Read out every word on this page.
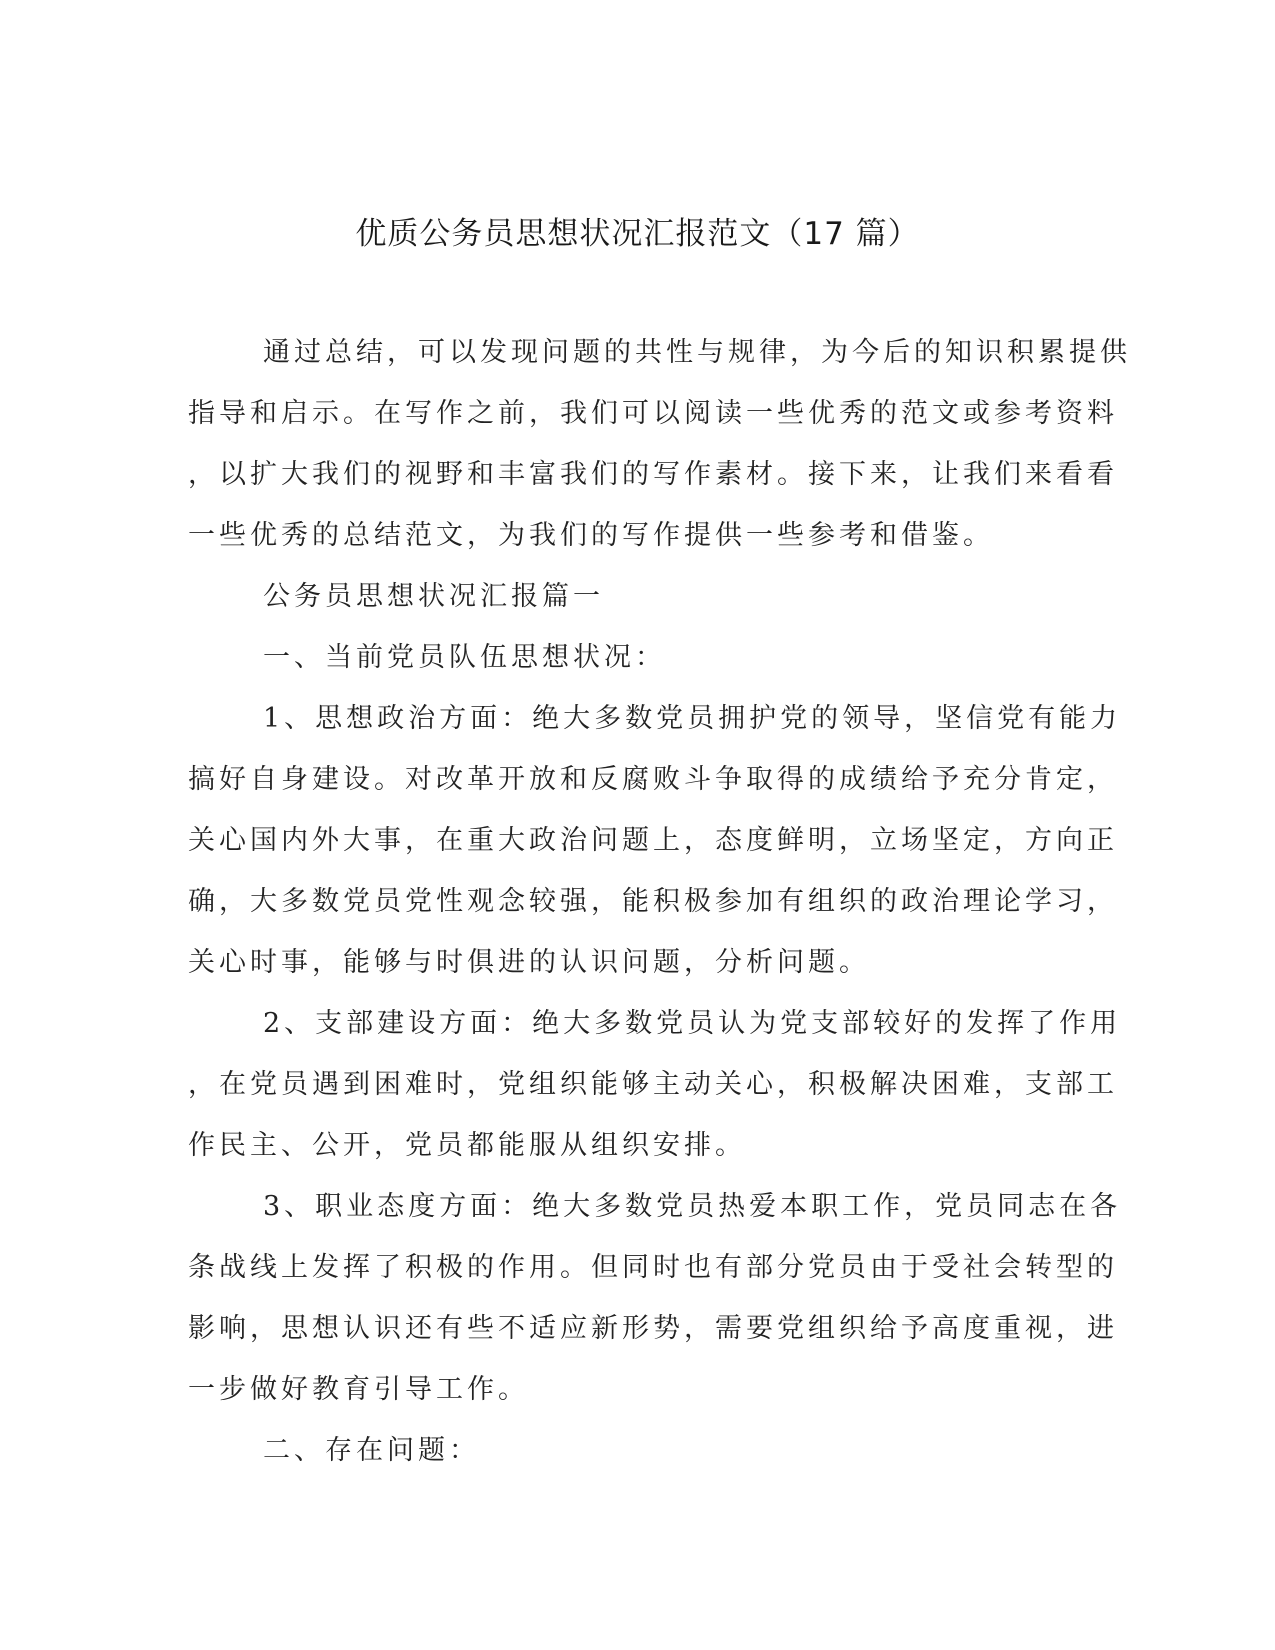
优质公务员思想状况汇报范文（17 篇）

通过总结，可以发现问题的共性与规律，为今后的知识积累提供

指导和启示。在写作之前，我们可以阅读一些优秀的范文或参考资料

，以扩大我们的视野和丰富我们的写作素材。接下来，让我们来看看

一些优秀的总结范文，为我们的写作提供一些参考和借鉴。

公务员思想状况汇报篇一

一、当前党员队伍思想状况：

1、思想政治方面：绝大多数党员拥护党的领导，坚信党有能力

搞好自身建设。对改革开放和反腐败斗争取得的成绩给予充分肯定，

关心国内外大事，在重大政治问题上，态度鲜明，立场坚定，方向正

确，大多数党员党性观念较强，能积极参加有组织的政治理论学习，

关心时事，能够与时俱进的认识问题，分析问题。

2、支部建设方面：绝大多数党员认为党支部较好的发挥了作用

，在党员遇到困难时，党组织能够主动关心，积极解决困难，支部工

作民主、公开，党员都能服从组织安排。

3、职业态度方面：绝大多数党员热爱本职工作，党员同志在各

条战线上发挥了积极的作用。但同时也有部分党员由于受社会转型的

影响，思想认识还有些不适应新形势，需要党组织给予高度重视，进

一步做好教育引导工作。

二、存在问题：
